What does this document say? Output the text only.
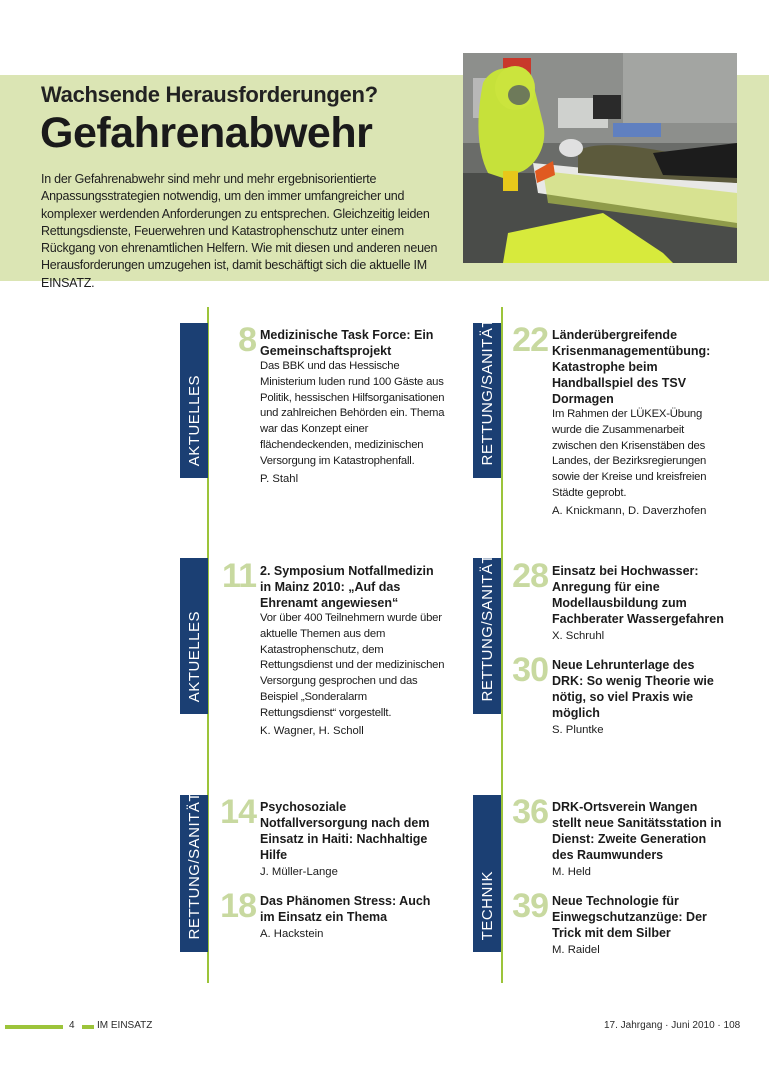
Wachsende Herausforderungen?
Gefahrenabwehr
In der Gefahrenabwehr sind mehr und mehr ergebnisorientierte Anpassungsstrategien notwendig, um den immer umfangreicher und komplexer werdenden Anforderungen zu entsprechen. Gleichzeitig leiden Rettungsdienste, Feuerwehren und Katastrophenschutz unter einem Rückgang von ehrenamtlichen Helfern. Wie mit diesen und anderen neuen Herausforderungen umzugehen ist, damit beschäftigt sich die aktuelle IM EINSATZ.
AKTUELLES
8 Medizinische Task Force: Ein Gemeinschaftsprojekt
Das BBK und das Hessische Ministerium luden rund 100 Gäste aus Politik, hessischen Hilfsorganisationen und zahlreichen Behörden ein. Thema war das Konzept einer flächendeckenden, medizinischen Versorgung im Katastrophenfall.
P. Stahl
RETTUNG/SANITÄT 22 Länderübergreifende Krisenmanagementübung: Katastrophe beim Handballspiel des TSV Dormagen
Im Rahmen der LÜKEX-Übung wurde die Zusammenarbeit zwischen den Krisenstäben des Landes, der Bezirksregierungen sowie der Kreise und kreisfreien Städte geprobt.
A. Knickmann, D. Daverzhofen
AKTUELLES
11 2. Symposium Notfallmedizin in Mainz 2010: „Auf das Ehrenamt angewiesen“
Vor über 400 Teilnehmern wurde über aktuelle Themen aus dem Katastrophenschutz, dem Rettungsdienst und der medizinischen Versorgung gesprochen und das Beispiel „Sonderalarm Rettungsdienst“ vorgestellt.
K. Wagner, H. Scholl
RETTUNG/SANITÄT 28 Einsatz bei Hochwasser: Anregung für eine Modellausbildung zum Fachberater Wassergefahren
X. Schruhl
30 Neue Lehrunterlage des DRK: So wenig Theorie wie nötig, so viel Praxis wie möglich
S. Pluntke
RETTUNG/SANITÄT 14 Psychosoziale Notfallversorgung nach dem Einsatz in Haiti: Nachhaltige Hilfe
J. Müller-Lange
18 Das Phänomen Stress: Auch im Einsatz ein Thema
A. Hackstein	TECHNIK
36 DRK-Ortsverein Wangen stellt neue Sanitätsstation in Dienst: Zweite Generation des Raumwunders
M. Held
39 Neue Technologie für Einwegschutzanzüge: Der Trick mit dem Silber
M. Raidel
4 IM EINSATZ	17. Jahrgang · Juni 2010 · 108
